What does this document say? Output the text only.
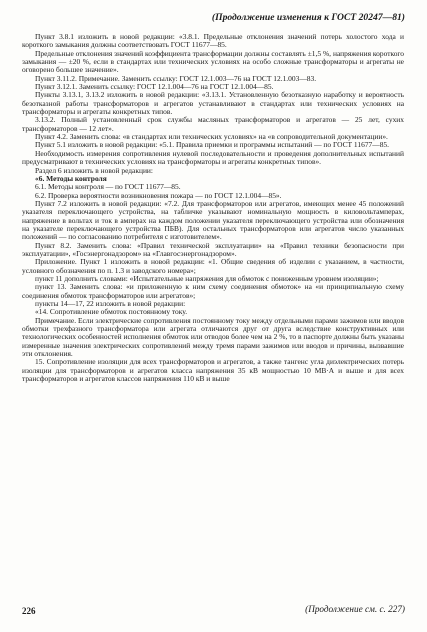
(Продолжение изменения к ГОСТ 20247—81)

Пункт 3.8.1 изложить в новой редакции: «3.8.1. Предельные отклонения значений потерь холостого хода и короткого замыкания должны соответствовать ГОСТ 11677—85.

Предельные отклонения значений коэффициента трансформации должны составлять ±1,5 %, напряжения короткого замыкания — ±20 %, если в стандартах или технических условиях на особо сложные трансформаторы и агрегаты не оговорено большее значение».

Пункт 3.11.2. Примечание. Заменить ссылку: ГОСТ 12.1.003—76 на ГОСТ 12.1.003—83.

Пункт 3.12.1. Заменить ссылку: ГОСТ 12.1.004—76 на ГОСТ 12.1.004—85.

Пункты 3.13.1, 3.13.2 изложить в новой редакции: «3.13.1. Установленную безотказную наработку и вероятность безотказной работы трансформаторов и агрегатов устанавливают в стандартах или технических условиях на трансформаторы и агрегаты конкретных типов.

3.13.2. Полный установленный срок службы масляных трансформаторов и агрегатов — 25 лет, сухих трансформаторов — 12 лет».

Пункт 4.2. Заменить слова: «в стандартах или технических условиях» на «в сопроводительной документации».

Пункт 5.1 изложить в новой редакции: «5.1. Правила приемки и программы испытаний — по ГОСТ 11677—85.

Необходимость измерения сопротивления нулевой последовательности и проведения дополнительных испытаний предусматривают в технических условиях на трансформаторы и агрегаты конкретных типов».

Раздел 6 изложить в новой редакции:

«6. Методы контроля

6.1. Методы контроля — по ГОСТ 11677—85.

6.2. Проверка вероятности возникновения пожара — по ГОСТ 12.1.004—85».

Пункт 7.2 изложить в новой редакции: «7.2. Для трансформаторов или агрегатов, имеющих менее 45 положений указателя переключающего устройства, на табличке указывают номинальную мощность в киловольтамперах, напряжение в вольтах и ток в амперах на каждом положении указателя переключающего устройства или обозначения на указателе переключающего устройства ПБВ). Для остальных трансформаторов или агрегатов число указанных положений — по согласованию потребителя с изготовителем».

Пункт 8.2. Заменить слова: «Правил технической эксплуатации» на «Правил техники безопасности при эксплуатации», «Госэнергонадзором» на «Главгосэнергонадзором».

Приложение. Пункт 1 изложить в новой редакции: «1. Общие сведения об изделии с указанием, в частности, условного обозначения по п. 1.3 и заводского номера»;

пункт 11 дополнить словами: «Испытательные напряжения для обмоток с пониженным уровнем изоляции»;

пункт 13. Заменить слова: «и приложенную к ним схему соединения обмоток» на «и принципиальную схему соединения обмоток трансформаторов или агрегатов»;

пункты 14—17, 22 изложить в новой редакции:

«14. Сопротивление обмоток постоянному току.

Примечание. Если электрические сопротивления постоянному току между отдельными парами зажимов или вводов обмотки трехфазного трансформатора или агрегата отличаются друг от друга вследствие конструктивных или технологических особенностей исполнения обмоток или отводов более чем на 2 %, то в паспорте должны быть указаны измеренные значения электрических сопротивлений между тремя парами зажимов или вводов и причины, вызвавшие эти отклонения.

15. Сопротивление изоляции для всех трансформаторов и агрегатов, а также тангенс угла диэлектрических потерь изоляции для трансформаторов и агрегатов класса напряжения 35 кВ мощностью 10 МВ·А и выше и для всех трансформаторов и агрегатов классов напряжения 110 кВ и выше

226	(Продолжение см. с. 227)
